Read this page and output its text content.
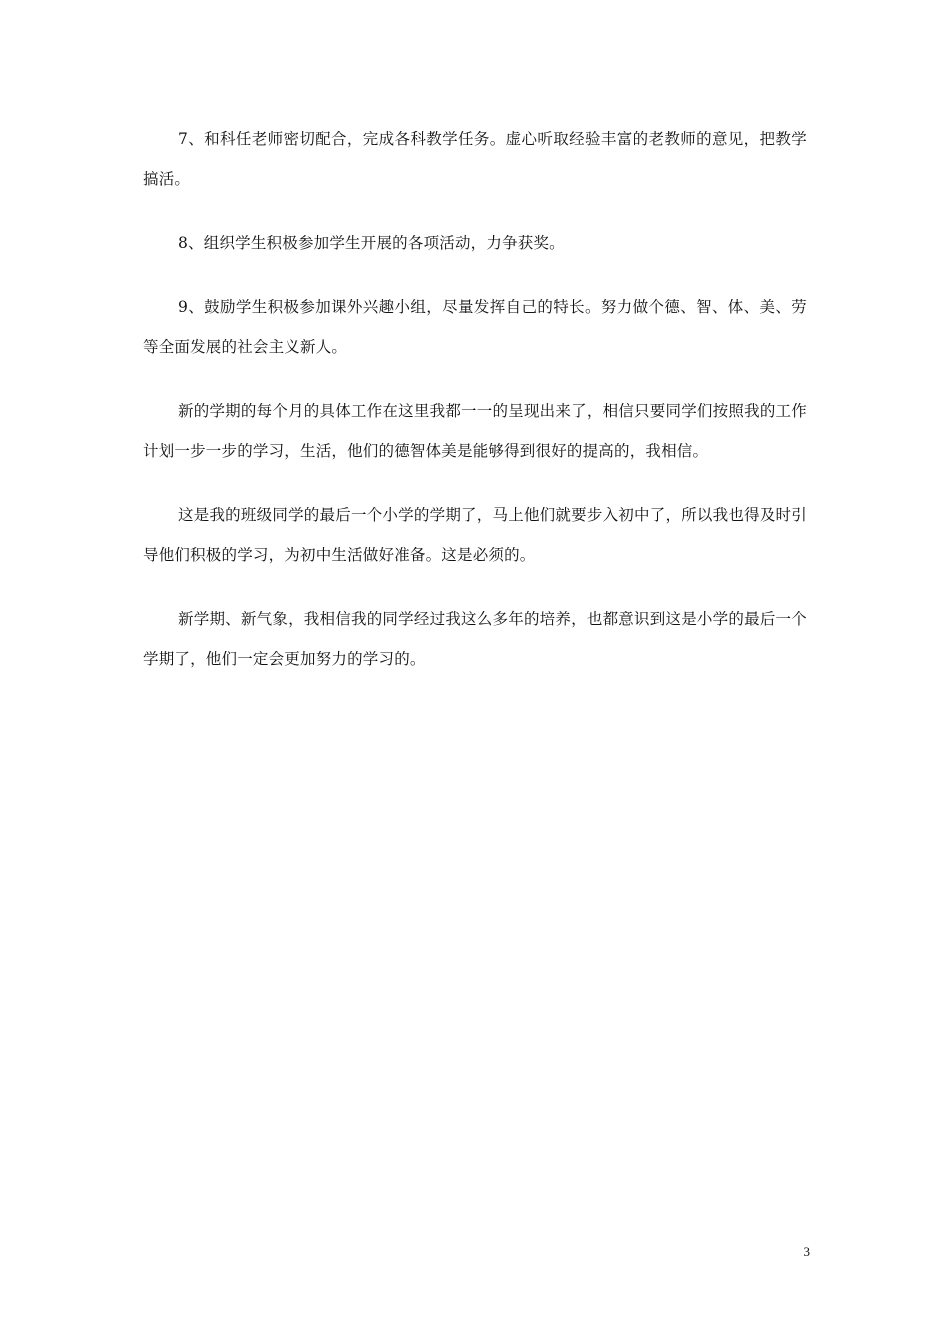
7、和科任老师密切配合，完成各科教学任务。虚心听取经验丰富的老教师的意见，把教学搞活。

8、组织学生积极参加学生开展的各项活动，力争获奖。

9、鼓励学生积极参加课外兴趣小组，尽量发挥自己的特长。努力做个德、智、体、美、劳等全面发展的社会主义新人。

新的学期的每个月的具体工作在这里我都一一的呈现出来了，相信只要同学们按照我的工作计划一步一步的学习，生活，他们的德智体美是能够得到很好的提高的，我相信。

这是我的班级同学的最后一个小学的学期了，马上他们就要步入初中了，所以我也得及时引导他们积极的学习，为初中生活做好准备。这是必须的。

新学期、新气象，我相信我的同学经过我这么多年的培养，也都意识到这是小学的最后一个学期了，他们一定会更加努力的学习的。

3
